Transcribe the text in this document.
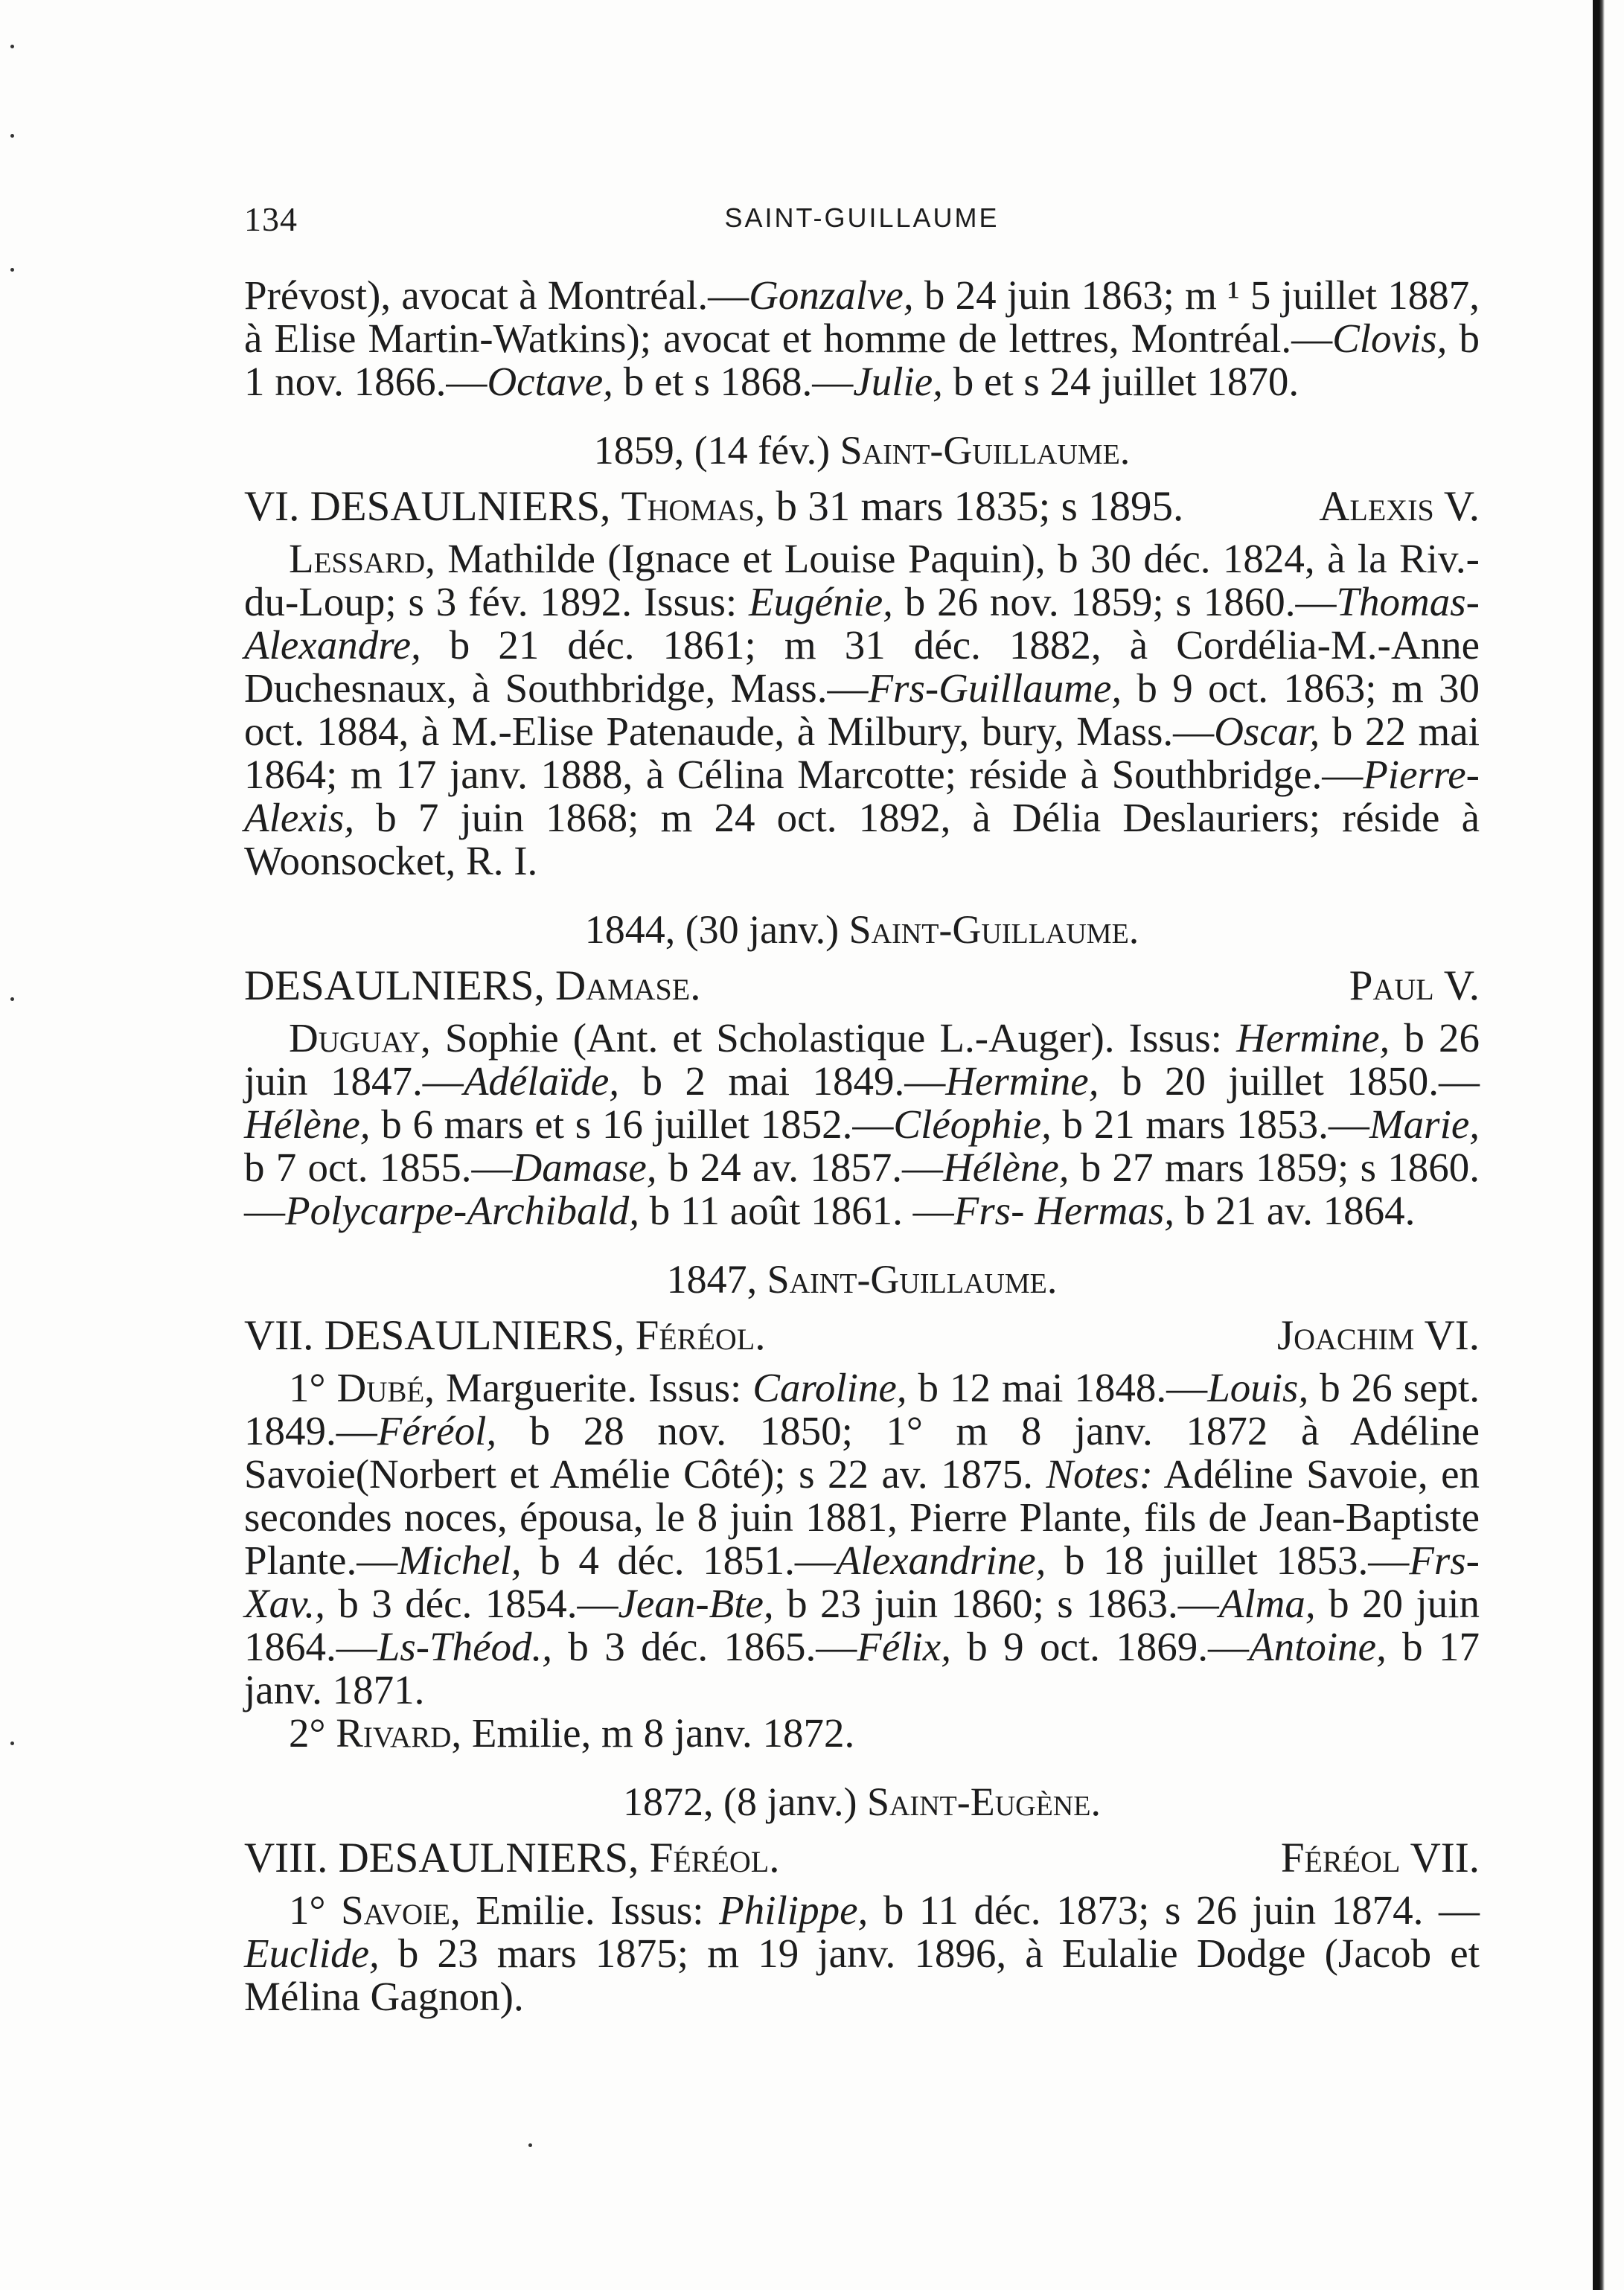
134	SAINT-GUILLAUME

Prévost), avocat à Montréal.—Gonzalve, b 24 juin 1863; m ¹ 5 juillet 1887, à Elise Martin-Watkins); avocat et homme de lettres, Montréal.—Clovis, b 1 nov. 1866.—Octave, b et s 1868.—Julie, b et s 24 juillet 1870.

1859, (14 fév.) Saint-Guillaume.
VI. DESAULNIERS, Thomas, b 31 mars 1835; s 1895.	Alexis V.

Lessard, Mathilde (Ignace et Louise Paquin), b 30 déc. 1824, à la Riv.-du-Loup; s 3 fév. 1892. Issus: Eugénie, b 26 nov. 1859; s 1860.—Thomas-Alexandre, b 21 déc. 1861; m 31 déc. 1882, à Cordélia-M.-Anne Duchesnaux, à Southbridge, Mass.—Frs-Guillaume, b 9 oct. 1863; m 30 oct. 1884, à M.-Elise Patenaude, à Milbury, bury, Mass.—Oscar, b 22 mai 1864; m 17 janv. 1888, à Célina Marcotte; réside à Southbridge.—Pierre-Alexis, b 7 juin 1868; m 24 oct. 1892, à Délia Deslauriers; réside à Woonsocket, R. I.

1844, (30 janv.) Saint-Guillaume.
DESAULNIERS, Damase.	Paul V.

Duguay, Sophie (Ant. et Scholastique L.-Auger). Issus: Hermine, b 26 juin 1847.—Adélaïde, b 2 mai 1849.—Hermine, b 20 juillet 1850.—Hélène, b 6 mars et s 16 juillet 1852.—Cléophie, b 21 mars 1853.—Marie, b 7 oct. 1855.—Damase, b 24 av. 1857.—Hélène, b 27 mars 1859; s 1860.—Polycarpe-Archibald, b 11 août 1861. —Frs- Hermas, b 21 av. 1864.

1847, Saint-Guillaume.
VII. DESAULNIERS, Féréol.	Joachim VI.

1° Dubé, Marguerite. Issus: Caroline, b 12 mai 1848.—Louis, b 26 sept. 1849.—Féréol, b 28 nov. 1850; 1° m 8 janv. 1872 à Adéline Savoie(Norbert et Amélie Côté); s 22 av. 1875. Notes: Adéline Savoie, en secondes noces, épousa, le 8 juin 1881, Pierre Plante, fils de Jean-Baptiste Plante.—Michel, b 4 déc. 1851.—Alexandrine, b 18 juillet 1853.—Frs-Xav., b 3 déc. 1854.—Jean-Bte, b 23 juin 1860; s 1863.—Alma, b 20 juin 1864.—Ls-Théod., b 3 déc. 1865.—Félix, b 9 oct. 1869.—Antoine, b 17 janv. 1871.

2° Rivard, Emilie, m 8 janv. 1872.

1872, (8 janv.) Saint-Eugène.
VIII. DESAULNIERS, Féréol.	Féréol VII.

1° Savoie, Emilie. Issus: Philippe, b 11 déc. 1873; s 26 juin 1874. —Euclide, b 23 mars 1875; m 19 janv. 1896, à Eulalie Dodge (Jacob et Mélina Gagnon).
